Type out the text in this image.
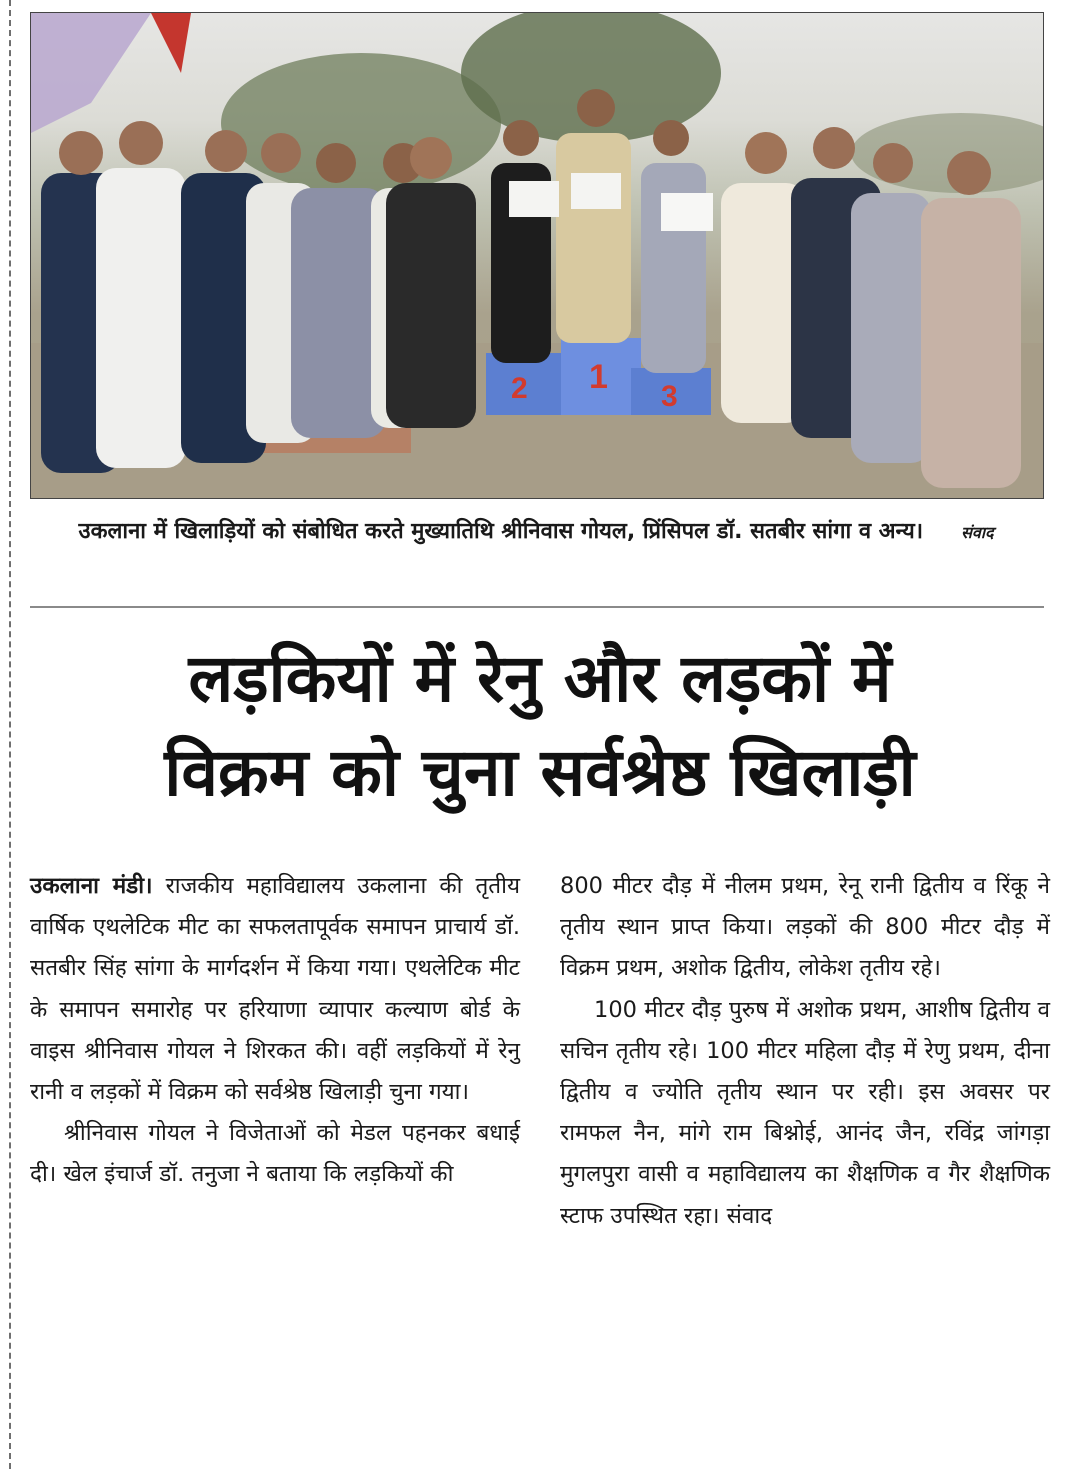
2 1
3
उकलाना में खिलाड़ियों को संबोधित करते मुख्यातिथि श्रीनिवास गोयल, प्रिंसिपल डॉ. सतबीर सांगा व अन्य। संवाद
लड़कियों में रेनु और लड़कों में
विक्रम को चुना सर्वश्रेष्ठ खिलाड़ी

उकलाना मंडी। राजकीय महाविद्यालय उकलाना की तृतीय वार्षिक एथलेटिक मीट का सफलतापूर्वक समापन प्राचार्य डॉ. सतबीर सिंह सांगा के मार्गदर्शन में किया गया। एथलेटिक मीट के समापन समारोह पर हरियाणा व्यापार कल्याण बोर्ड के वाइस श्रीनिवास गोयल ने शिरकत की। वहीं लड़कियों में रेनु रानी व लड़कों में विक्रम को सर्वश्रेष्ठ खिलाड़ी चुना गया।

श्रीनिवास गोयल ने विजेताओं को मेडल पहनकर बधाई दी। खेल इंचार्ज डॉ. तनुजा ने बताया कि लड़कियों की

800 मीटर दौड़ में नीलम प्रथम, रेनू रानी द्वितीय व रिंकू ने तृतीय स्थान प्राप्त किया। लड़कों की 800 मीटर दौड़ में विक्रम प्रथम, अशोक द्वितीय, लोकेश तृतीय रहे।

100 मीटर दौड़ पुरुष में अशोक प्रथम, आशीष द्वितीय व सचिन तृतीय रहे। 100 मीटर महिला दौड़ में रेणु प्रथम, दीना द्वितीय व ज्योति तृतीय स्थान पर रही। इस अवसर पर रामफल नैन, मांगे राम बिश्नोई, आनंद जैन, रविंद्र जांगड़ा मुगलपुरा वासी व महाविद्यालय का शैक्षणिक व गैर शैक्षणिक स्टाफ उपस्थित रहा। संवाद
